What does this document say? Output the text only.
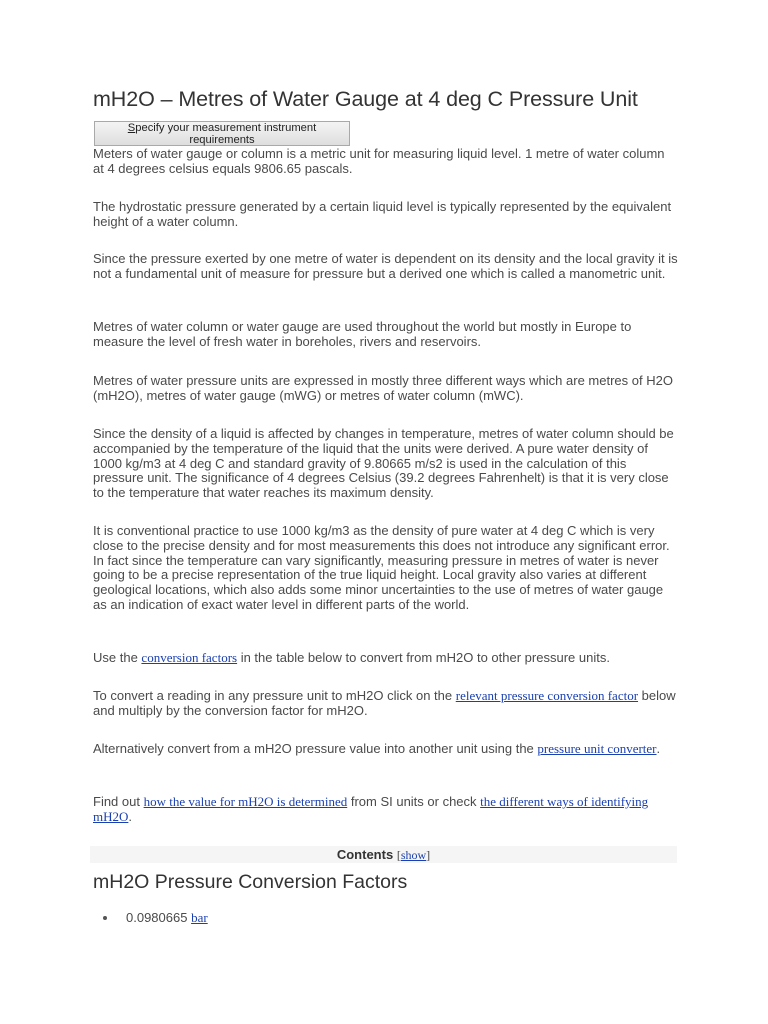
mH2O – Metres of Water Gauge at 4 deg C Pressure Unit
Specify your measurement instrument requirements

Meters of water gauge or column is a metric unit for measuring liquid level. 1 metre of water column at 4 degrees celsius equals 9806.65 pascals.

The hydrostatic pressure generated by a certain liquid level is typically represented by the equivalent height of a water column.

Since the pressure exerted by one metre of water is dependent on its density and the local gravity it is not a fundamental unit of measure for pressure but a derived one which is called a manometric unit.

Metres of water column or water gauge are used throughout the world but mostly in Europe to measure the level of fresh water in boreholes, rivers and reservoirs.

Metres of water pressure units are expressed in mostly three different ways which are metres of H2O (mH2O), metres of water gauge (mWG) or metres of water column (mWC).

Since the density of a liquid is affected by changes in temperature, metres of water column should be accompanied by the temperature of the liquid that the units were derived. A pure water density of 1000 kg/m3 at 4 deg C and standard gravity of 9.80665 m/s2 is used in the calculation of this pressure unit. The significance of 4 degrees Celsius (39.2 degrees Fahrenhelt) is that it is very close to the temperature that water reaches its maximum density.

It is conventional practice to use 1000 kg/m3 as the density of pure water at 4 deg C which is very close to the precise density and for most measurements this does not introduce any significant error. In fact since the temperature can vary significantly, measuring pressure in metres of water is never going to be a precise representation of the true liquid height. Local gravity also varies at different geological locations, which also adds some minor uncertainties to the use of metres of water gauge as an indication of exact water level in different parts of the world.

Use the conversion factors in the table below to convert from mH2O to other pressure units.

To convert a reading in any pressure unit to mH2O click on the relevant pressure conversion factor below and multiply by the conversion factor for mH2O.

Alternatively convert from a mH2O pressure value into another unit using the pressure unit converter.

Find out how the value for mH2O is determined from SI units or check the different ways of identifying mH2O.

Contents [show]
mH2O Pressure Conversion Factors
0.0980665 bar
